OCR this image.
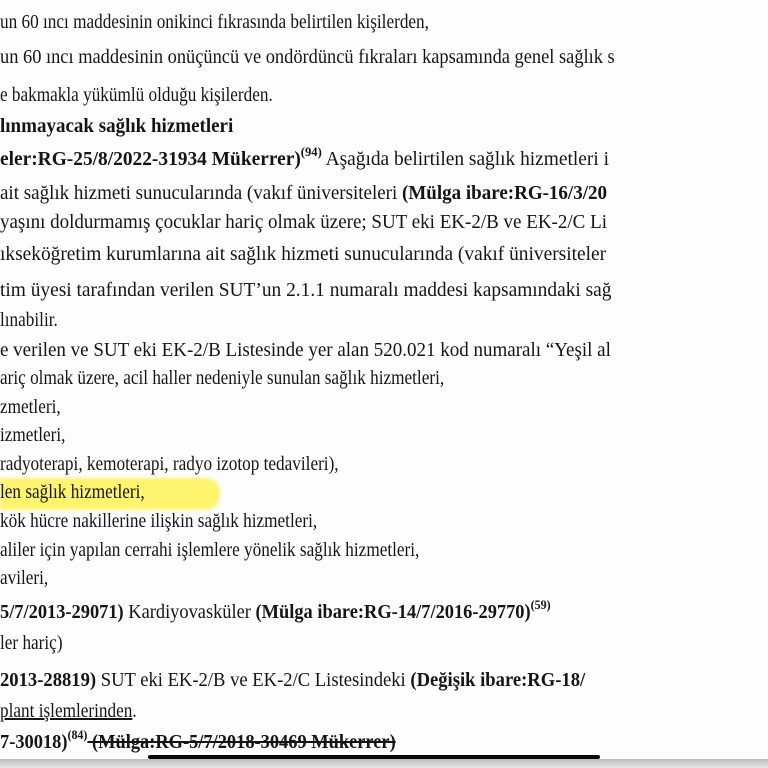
un 60 ıncı maddesinin onikinci fıkrasında belirtilen kişilerden,
un 60 ıncı maddesinin onüçüncü ve ondördüncü fıkraları kapsamında genel sağlık s
e bakmakla yükümlü olduğu kişilerden.
lınmayacak sağlık hizmetleri
eler:RG-25/8/2022-31934 Mükerrer)$^{(94)}$ Aşağıda belirtilen sağlık hizmetleri i
ait sağlık hizmeti sunucularında (vakıf üniversiteleri (Mülga ibare:RG-16/3/20
yaşını doldurmamış çocuklar hariç olmak üzere; SUT eki EK-2/B ve EK-2/C Li
ıkseköğretim kurumlarına ait sağlık hizmeti sunucularında (vakıf üniversiteler
tim üyesi tarafından verilen SUT’un 2.1.1 numaralı maddesi kapsamındaki sağ
lınabilir.
e verilen ve SUT eki EK-2/B Listesinde yer alan 520.021 kod numaralı “Yeşil al
ariç olmak üzere, acil haller nedeniyle sunulan sağlık hizmetleri,
zmetleri,
izmetleri,
radyoterapi, kemoterapi, radyo izotop tedavileri),
len sağlık hizmetleri,
kök hücre nakillerine ilişkin sağlık hizmetleri,
aliler için yapılan cerrahi işlemlere yönelik sağlık hizmetleri,
avileri,
5/7/2013-29071) Kardiyovasküler (Mülga ibare:RG-14/7/2016-29770)$^{(59)}$
ler hariç)
2013-28819) SUT eki EK-2/B ve EK-2/C Listesindeki (Değişik ibare:RG-18/
plant işlemlerinden.
7-30018)$^{(84)}$ (Mülga:RG-5/7/2018-30469 Mükerrer)
